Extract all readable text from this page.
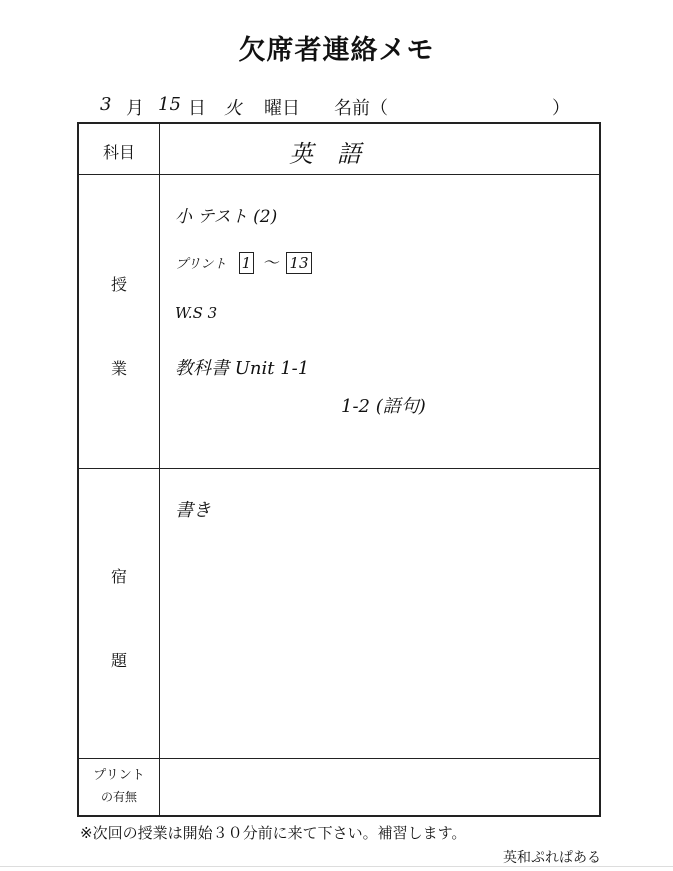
欠席者連絡メモ
3 月 15 日 火 曜日 名前（	）
科目	英　語
授
業
小 テスト (2)
プリント 1 ～ 13
W.S 3
教科書 Unit 1-1
1-2 (語句)
宿
題
書き
プリント
の有無
※次回の授業は開始３０分前に来て下さい。補習します。
英和ぷれぱある
